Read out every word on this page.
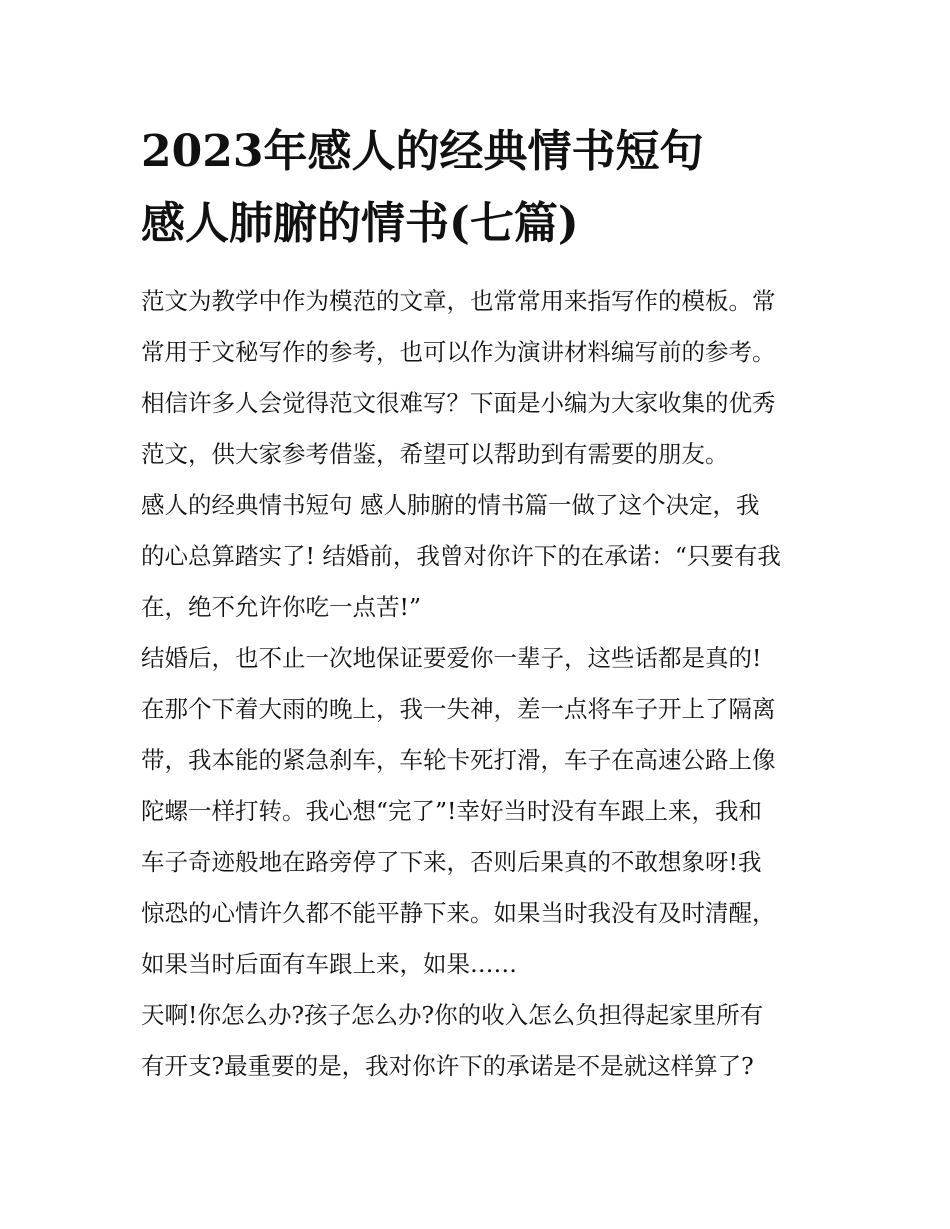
2023年感人的经典情书短句
感人肺腑的情书(七篇)
范文为教学中作为模范的文章，也常常用来指写作的模板。常
常用于文秘写作的参考，也可以作为演讲材料编写前的参考。
相信许多人会觉得范文很难写？下面是小编为大家收集的优秀
范文，供大家参考借鉴，希望可以帮助到有需要的朋友。
感人的经典情书短句 感人肺腑的情书篇一做了这个决定，我
的心总算踏实了! 结婚前，我曾对你许下的在承诺：“只要有我
在，绝不允许你吃一点苦!”
结婚后，也不止一次地保证要爱你一辈子，这些话都是真的!
在那个下着大雨的晚上，我一失神，差一点将车子开上了隔离
带，我本能的紧急刹车，车轮卡死打滑，车子在高速公路上像
陀螺一样打转。我心想“完了”!幸好当时没有车跟上来，我和
车子奇迹般地在路旁停了下来，否则后果真的不敢想象呀!我
惊恐的心情许久都不能平静下来。如果当时我没有及时清醒，
如果当时后面有车跟上来，如果……
天啊!你怎么办?孩子怎么办?你的收入怎么负担得起家里所有
有开支?最重要的是，我对你许下的承诺是不是就这样算了?
